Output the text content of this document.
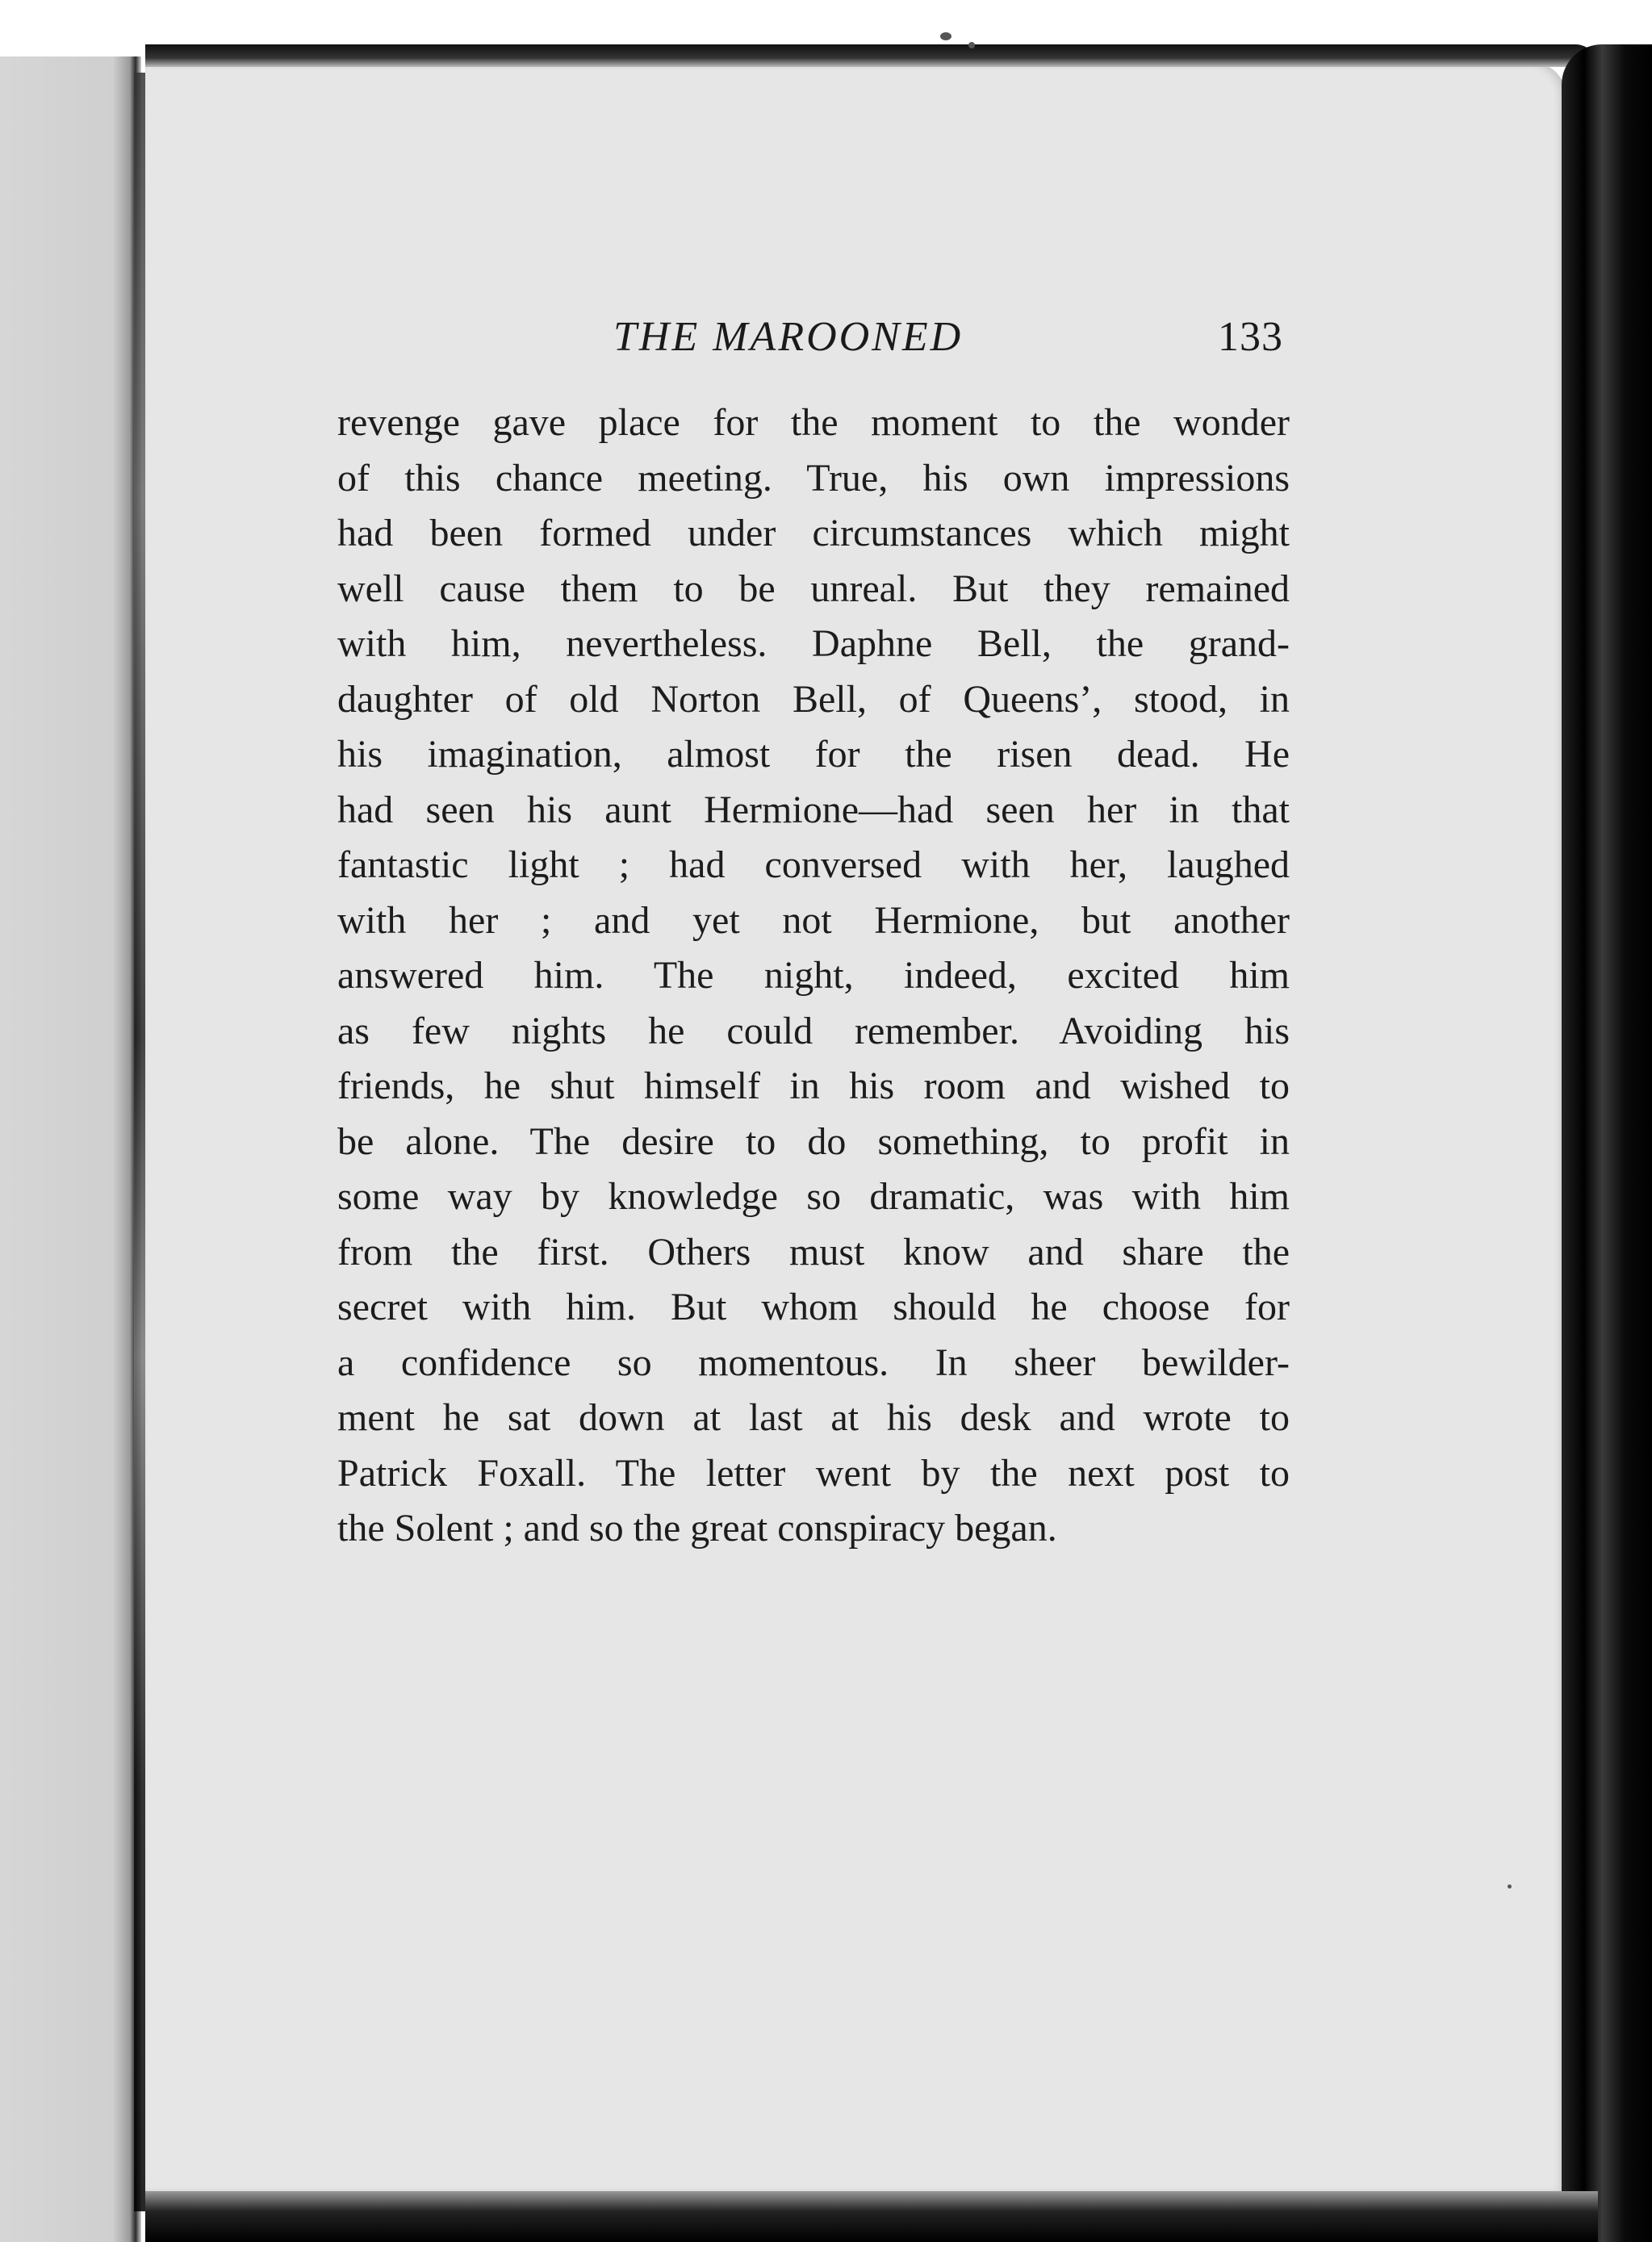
THE MAROONED	133
revenge gave place for the moment to the wonder
of this chance meeting. True, his own impressions
had been formed under circumstances which might
well cause them to be unreal. But they remained
with him, nevertheless. Daphne Bell, the grand-
daughter of old Norton Bell, of Queens’, stood, in
his imagination, almost for the risen dead. He
had seen his aunt Hermione—had seen her in that
fantastic light ; had conversed with her, laughed
with her ; and yet not Hermione, but another
answered him. The night, indeed, excited him
as few nights he could remember. Avoiding his
friends, he shut himself in his room and wished to
be alone. The desire to do something, to profit in
some way by knowledge so dramatic, was with him
from the first. Others must know and share the
secret with him. But whom should he choose for
a confidence so momentous. In sheer bewilder-
ment he sat down at last at his desk and wrote to
Patrick Foxall. The letter went by the next post to
the Solent ; and so the great conspiracy began.
